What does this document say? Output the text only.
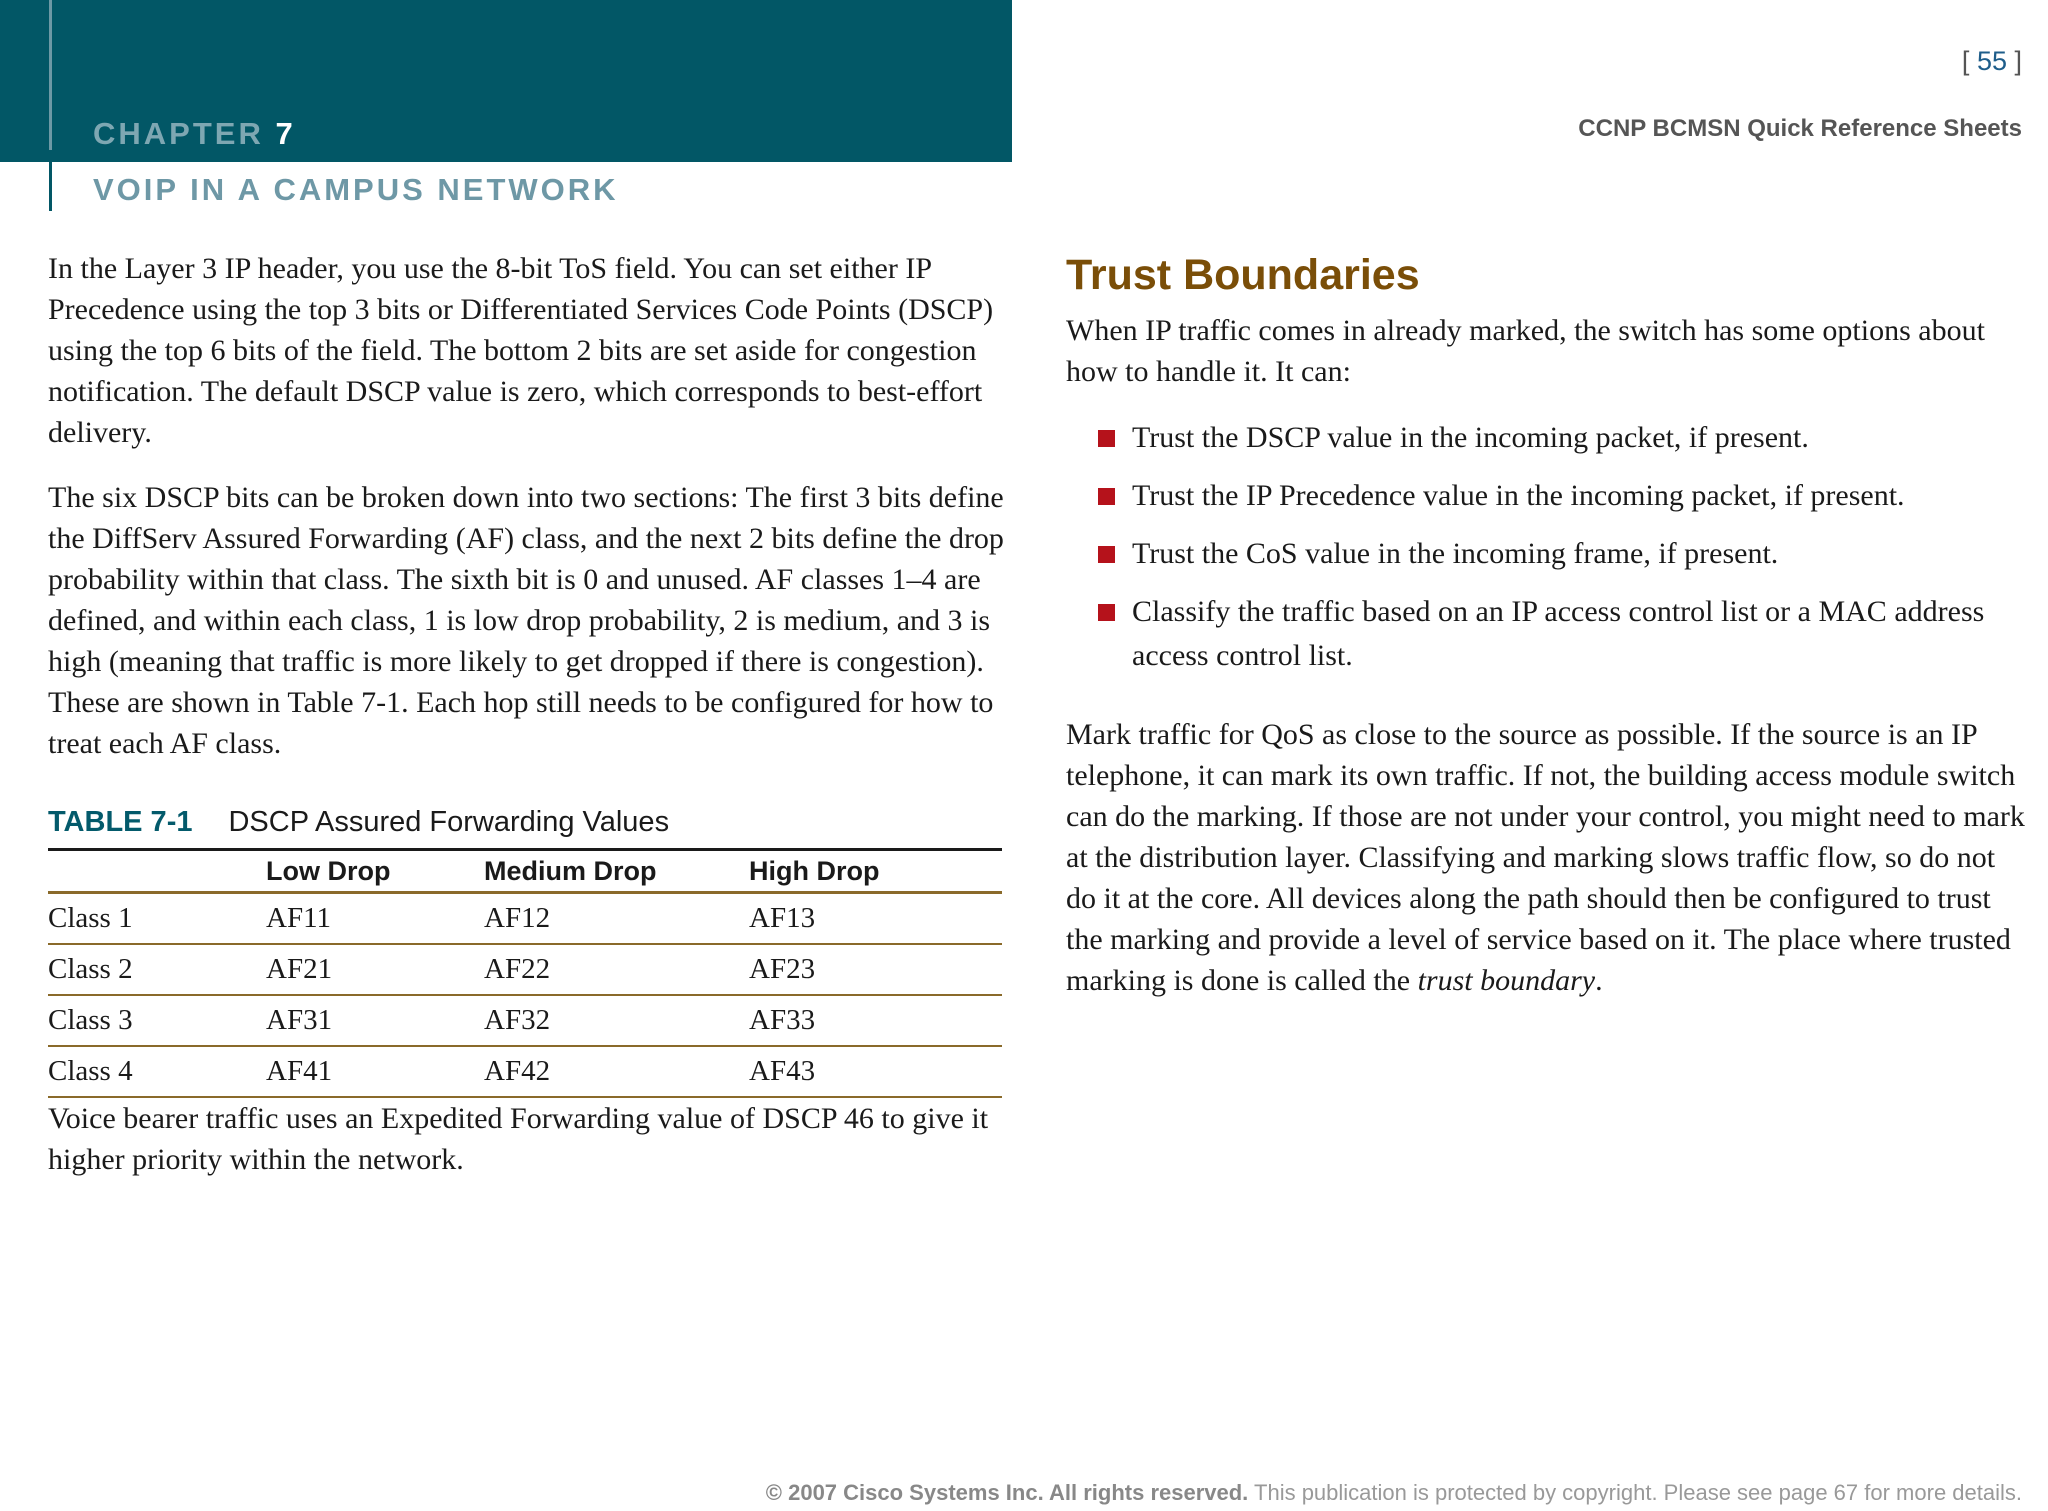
CHAPTER 7
VOIP IN A CAMPUS NETWORK
[ 55 ]
CCNP BCMSN Quick Reference Sheets

In the Layer 3 IP header, you use the 8-bit ToS field. You can set either IP Precedence using the top 3 bits or Differentiated Services Code Points (DSCP) using the top 6 bits of the field. The bottom 2 bits are set aside for congestion notification. The default DSCP value is zero, which corresponds to best-effort delivery.

The six DSCP bits can be broken down into two sections: The first 3 bits define the DiffServ Assured Forwarding (AF) class, and the next 2 bits define the drop probability within that class. The sixth bit is 0 and unused. AF classes 1–4 are defined, and within each class, 1 is low drop probability, 2 is medium, and 3 is high (meaning that traffic is more likely to get dropped if there is congestion). These are shown in Table 7-1. Each hop still needs to be configured for how to treat each AF class.

TABLE 7-1 DSCP Assured Forwarding Values
	Low Drop	Medium Drop	High Drop
Class 1	AF11	AF12	AF13
Class 2	AF21	AF22	AF23
Class 3	AF31	AF32	AF33
Class 4	AF41	AF42	AF43

Voice bearer traffic uses an Expedited Forwarding value of DSCP 46 to give it higher priority within the network.

Trust Boundaries

When IP traffic comes in already marked, the switch has some options about how to handle it. It can:

Trust the DSCP value in the incoming packet, if present.
Trust the IP Precedence value in the incoming packet, if present.
Trust the CoS value in the incoming frame, if present.
Classify the traffic based on an IP access control list or a MAC address access control list.

Mark traffic for QoS as close to the source as possible. If the source is an IP telephone, it can mark its own traffic. If not, the building access module switch can do the marking. If those are not under your control, you might need to mark at the distribution layer. Classifying and marking slows traffic flow, so do not do it at the core. All devices along the path should then be configured to trust the marking and provide a level of service based on it. The place where trusted marking is done is called the trust boundary.

© 2007 Cisco Systems Inc. All rights reserved. This publication is protected by copyright. Please see page 67 for more details.
